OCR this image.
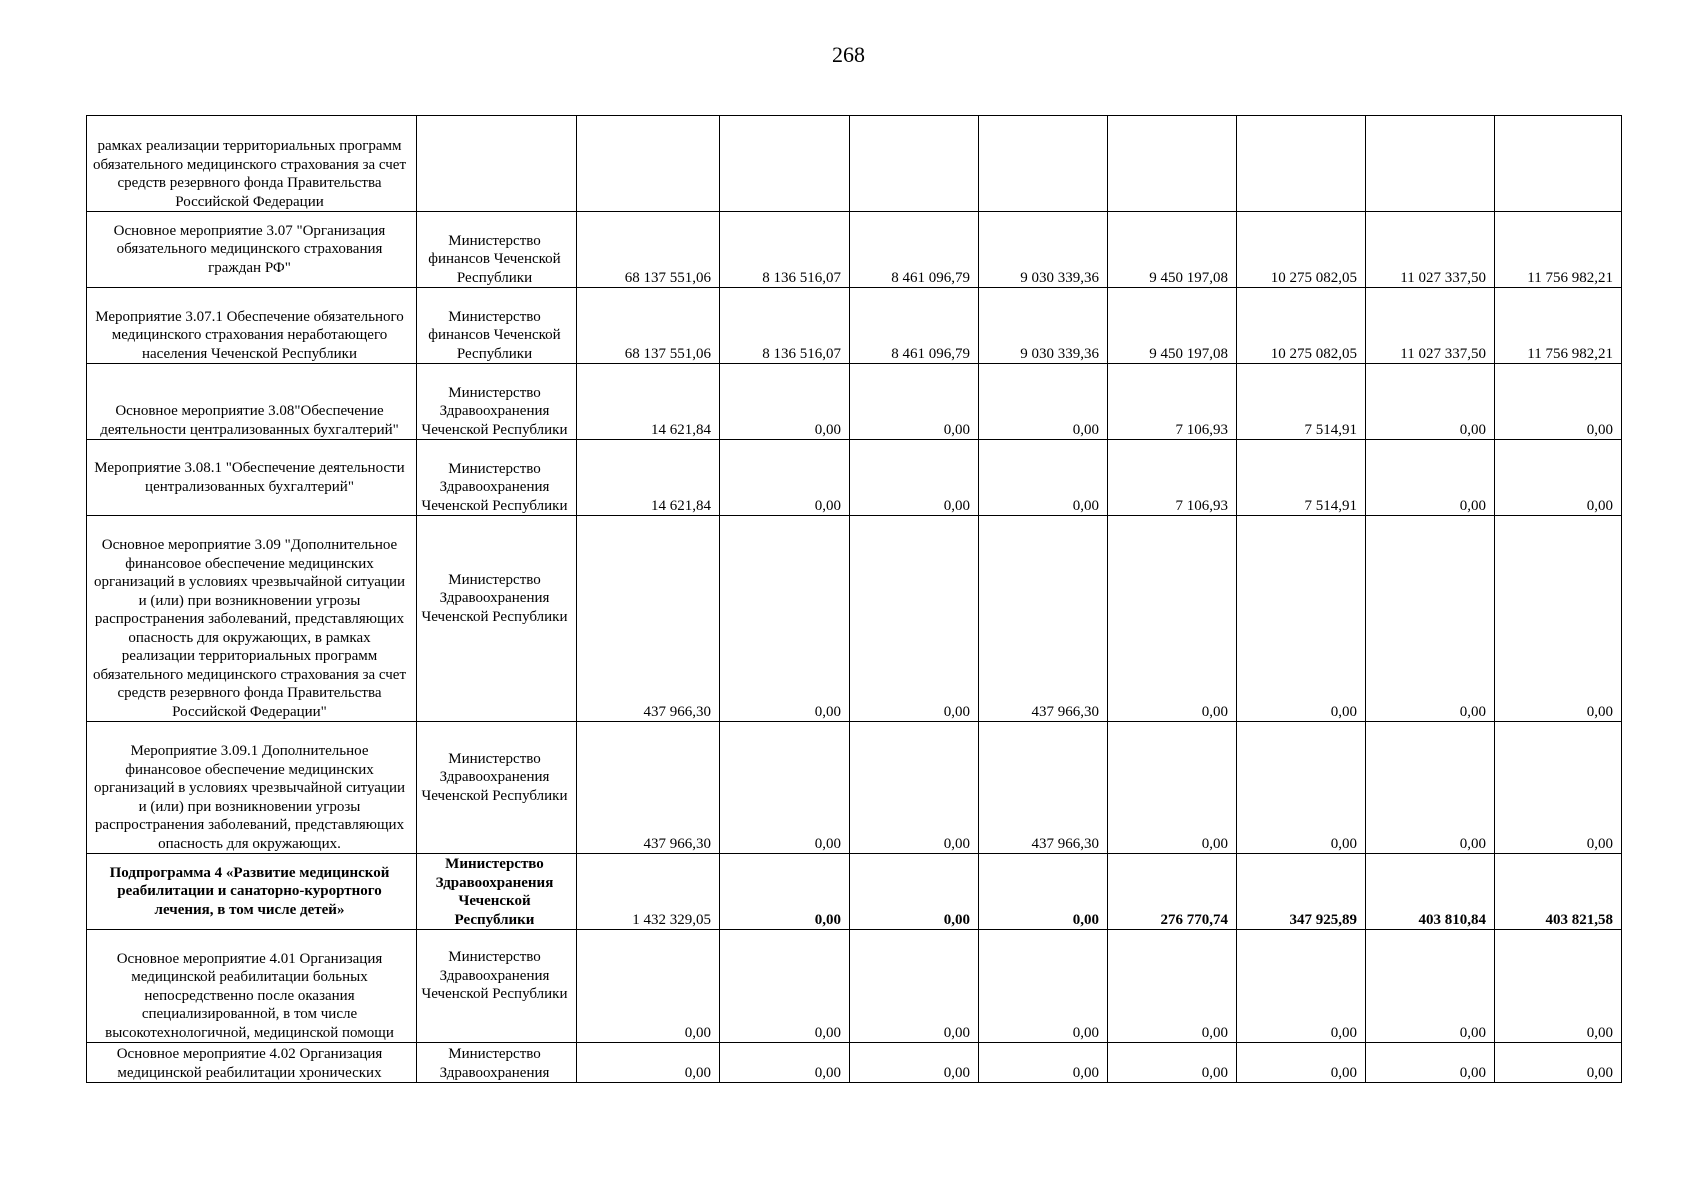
268
рамках реализации территориальных программ обязательного медицинского страхования за счет средств резервного фонда Правительства Российской Федерации									
Основное мероприятие 3.07 "Организация обязательного медицинского страхования граждан РФ"	Министерство финансов Чеченской Республики	68 137 551,06	8 136 516,07	8 461 096,79	9 030 339,36	9 450 197,08	10 275 082,05	11 027 337,50	11 756 982,21
Мероприятие 3.07.1 Обеспечение обязательного медицинского страхования неработающего населения Чеченской Республики	Министерство финансов Чеченской Республики	68 137 551,06	8 136 516,07	8 461 096,79	9 030 339,36	9 450 197,08	10 275 082,05	11 027 337,50	11 756 982,21
Основное мероприятие 3.08"Обеспечение деятельности централизованных бухгалтерий"	Министерство Здравоохранения Чеченской Республики	14 621,84	0,00	0,00	0,00	7 106,93	7 514,91	0,00	0,00
Мероприятие 3.08.1 "Обеспечение деятельности централизованных бухгалтерий"	Министерство Здравоохранения Чеченской Республики	14 621,84	0,00	0,00	0,00	7 106,93	7 514,91	0,00	0,00
Основное мероприятие 3.09 "Дополнительное финансовое обеспечение медицинских организаций в условиях чрезвычайной ситуации и (или) при возникновении угрозы распространения заболеваний, представляющих опасность для окружающих, в рамках реализации территориальных программ обязательного медицинского страхования за счет средств резервного фонда Правительства Российской Федерации"	Министерство Здравоохранения Чеченской Республики	437 966,30	0,00	0,00	437 966,30	0,00	0,00	0,00	0,00
Мероприятие 3.09.1 Дополнительное финансовое обеспечение медицинских организаций в условиях чрезвычайной ситуации и (или) при возникновении угрозы распространения заболеваний, представляющих опасность для окружающих.	Министерство Здравоохранения Чеченской Республики	437 966,30	0,00	0,00	437 966,30	0,00	0,00	0,00	0,00
Подпрограмма 4 «Развитие медицинской реабилитации и санаторно-курортного лечения, в том числе детей»	Министерство Здравоохранения Чеченской Республики	1 432 329,05	0,00	0,00	0,00	276 770,74	347 925,89	403 810,84	403 821,58
Основное мероприятие 4.01 Организация медицинской реабилитации больных непосредственно после оказания специализированной, в том числе высокотехнологичной, медицинской помощи	Министерство Здравоохранения Чеченской Республики	0,00	0,00	0,00	0,00	0,00	0,00	0,00	0,00
Основное мероприятие 4.02 Организация медицинской реабилитации хронических	Министерство Здравоохранения	0,00	0,00	0,00	0,00	0,00	0,00	0,00	0,00
